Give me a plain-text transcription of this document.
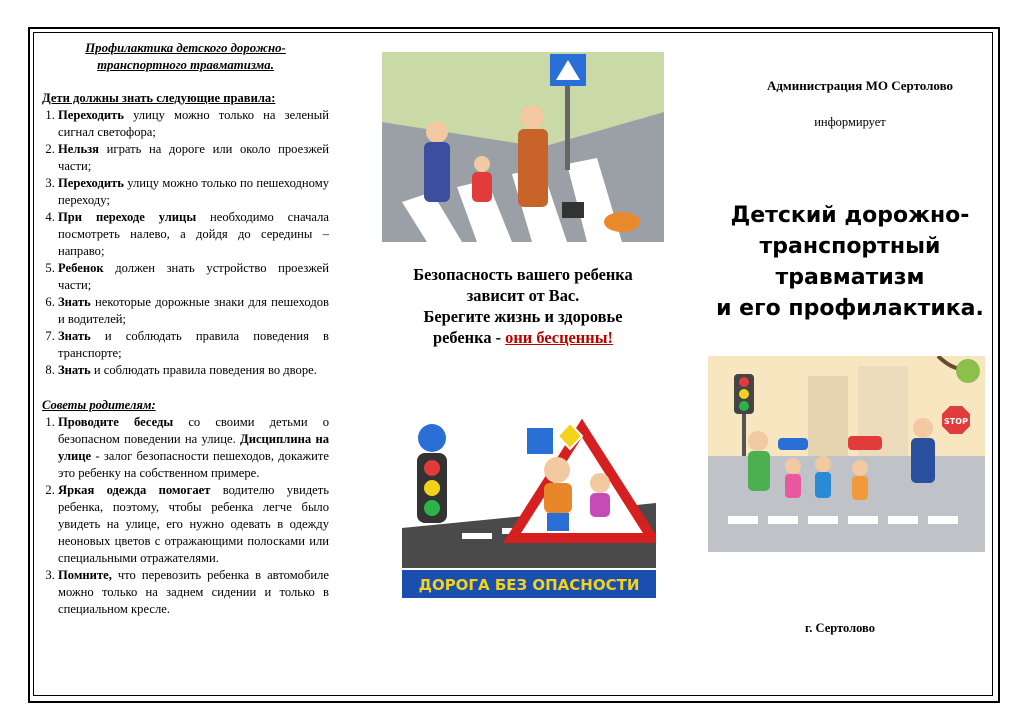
Профилактика детского дорожно-транспортного травматизма.
Дети должны знать следующие правила:
1. Переходить улицу можно только на зеленый сигнал светофора;
2. Нельзя играть на дороге или около проезжей части;
3. Переходить улицу можно только по пешеходному переходу;
4. При переходе улицы необходимо сначала посмотреть налево, а дойдя до середины – направо;
5. Ребенок должен знать устройство проезжей части;
6. Знать некоторые дорожные знаки для пешеходов и водителей;
7. Знать и соблюдать правила поведения в транспорте;
8. Знать и соблюдать правила поведения во дворе.
Советы родителям:
1. Проводите беседы со своими детьми о безопасном поведении на улице. Дисциплина на улице - залог безопасности пешеходов, докажите это ребенку на собственном примере.
2. Яркая одежда помогает водителю увидеть ребенка, поэтому, чтобы ребенка легче было увидеть на улице, его нужно одевать в одежду неоновых цветов с отражающими полосками или специальными отражателями.
3. Помните, что перевозить ребенка в автомобиле можно только на заднем сидении и только в специальном кресле.
Безопасность вашего ребенка
зависит от Вас.
Берегите жизнь и здоровье
ребенка - они бесценны!
ДОРОГА БЕЗ ОПАСНОСТИ
Администрация МО Сертолово
информирует
Детский дорожно-
транспортный
травматизм
и его профилактика.
STOP
г. Сертолово
